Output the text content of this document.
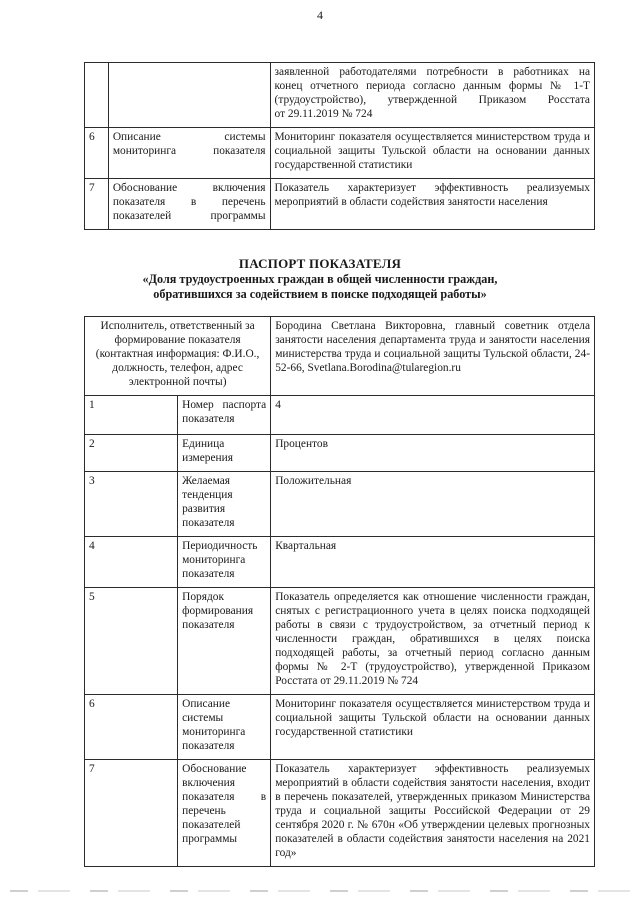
4

		заявленной работодателями потребности в работниках на
конец отчетного периода согласно данным формы № 1-Т
(трудоустройство), утвержденной Приказом Росстата
от 29.11.2019 № 724

6	Описание системы мониторинга показателя	Мониторинг показателя осуществляется министерством труда и социальной защиты Тульской области на основании данных государственной статистики
7	Обоснование включения показателя в перечень показателей программы	Показатель характеризует эффективность реализуемых мероприятий в области содействия занятости населения
ПАСПОРТ ПОКАЗАТЕЛЯ
«Доля трудоустроенных граждан в общей численности граждан,
обратившихся за содействием в поиске подходящей работы»
Исполнитель, ответственный за формирование показателя (контактная информация: Ф.И.О., должность, телефон, адрес электронной почты)		Бородина Светлана Викторовна, главный советник отдела занятости населения департамента труда и занятости населения министерства труда и социальной защиты Тульской области, 24-52-66, Svetlana.Borodina@tularegion.ru
1	Номер паспорта показателя	4
2	Единица измерения	Процентов
3	Желаемая тенденция развития показателя	Положительная
4	Периодичность мониторинга показателя	Квартальная
5	Порядок формирования показателя	Показатель определяется как отношение численности граждан, снятых с регистрационного учета в целях поиска подходящей работы в связи с трудоустройством, за отчетный период к численности граждан, обратившихся в целях поиска подходящей работы, за отчетный период согласно данным формы № 2-Т (трудоустройство), утвержденной Приказом Росстата от 29.11.2019 № 724
6	Описание системы мониторинга показателя	Мониторинг показателя осуществляется министерством труда и социальной защиты Тульской области на основании данных государственной статистики
7	Обоснование включения показателя в перечень показателей программы	Показатель характеризует эффективность реализуемых мероприятий в области содействия занятости населения, входит в перечень показателей, утвержденных приказом Министерства труда и социальной защиты Российской Федерации от 29 сентября 2020 г. № 670н «Об утверждении целевых прогнозных показателей в области содействия занятости населения на 2021 год»
